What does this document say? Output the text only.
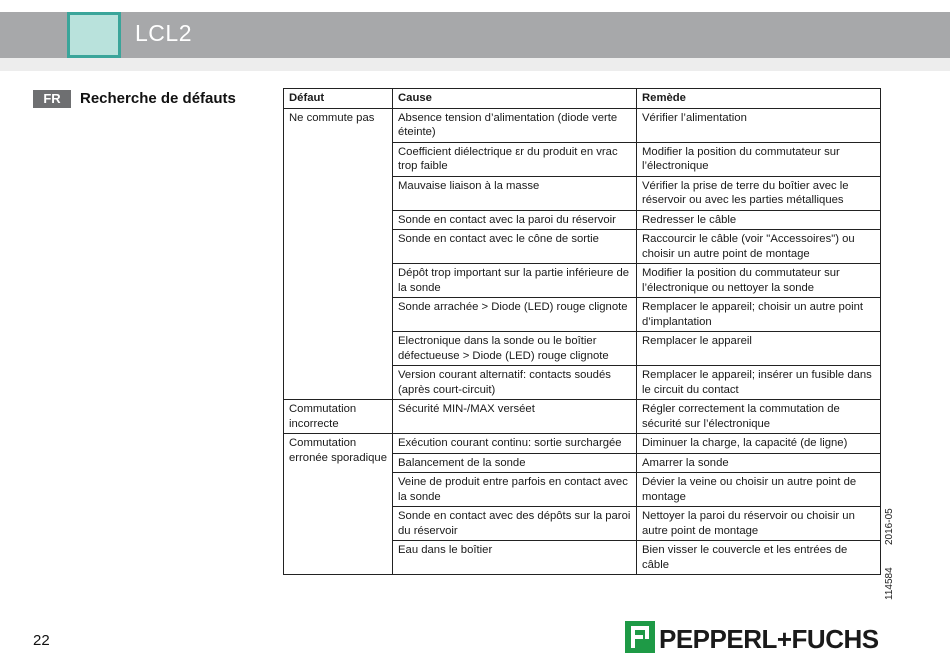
LCL2
FR	Recherche de défauts	Défaut	Cause	Remède
Ne commute pas	Absence tension d’alimentation (diode verte éteinte)	Vérifier l’alimentation
	Coefficient diélectrique εr du produit en vrac trop faible	Modifier la position du commutateur sur l’électronique
	Mauvaise liaison à la masse	Vérifier la prise de terre du boîtier avec le réservoir ou avec les parties métalliques
	Sonde en contact avec la paroi du réservoir	Redresser le câble
	Sonde en contact avec le cône de sortie	Raccourcir le câble (voir "Accessoires") ou choisir un autre point de montage
	Dépôt trop important sur la partie inférieure de la sonde	Modifier la position du commutateur sur l’électronique ou nettoyer la sonde
	Sonde arrachée > Diode (LED) rouge clignote	Remplacer le appareil; choisir un autre point d’implantation
	Electronique dans la sonde ou le boîtier défectueuse > Diode (LED) rouge clignote	Remplacer le appareil
	Version courant alternatif: contacts soudés (après court-circuit)	Remplacer le appareil; insérer un fusible dans le circuit du contact
Commutation incorrecte	Sécurité MIN-/MAX verséet	Régler correctement la commutation de sécurité sur l’électronique
Commutation erronée sporadique	Exécution courant continu: sortie surchargée	Diminuer la charge, la capacité (de ligne)
	Balancement de la sonde	Amarrer la sonde
	Veine de produit entre parfois en contact avec la sonde	Dévier la veine ou choisir un autre point de montage
	Sonde en contact avec des dépôts sur la paroi du réservoir	Nettoyer la paroi du réservoir ou choisir un autre point de montage
	Eau dans le boîtier	Bien visser le couvercle et les entrées de câble
2016-05
114584
22	PEPPERL+FUCHS
